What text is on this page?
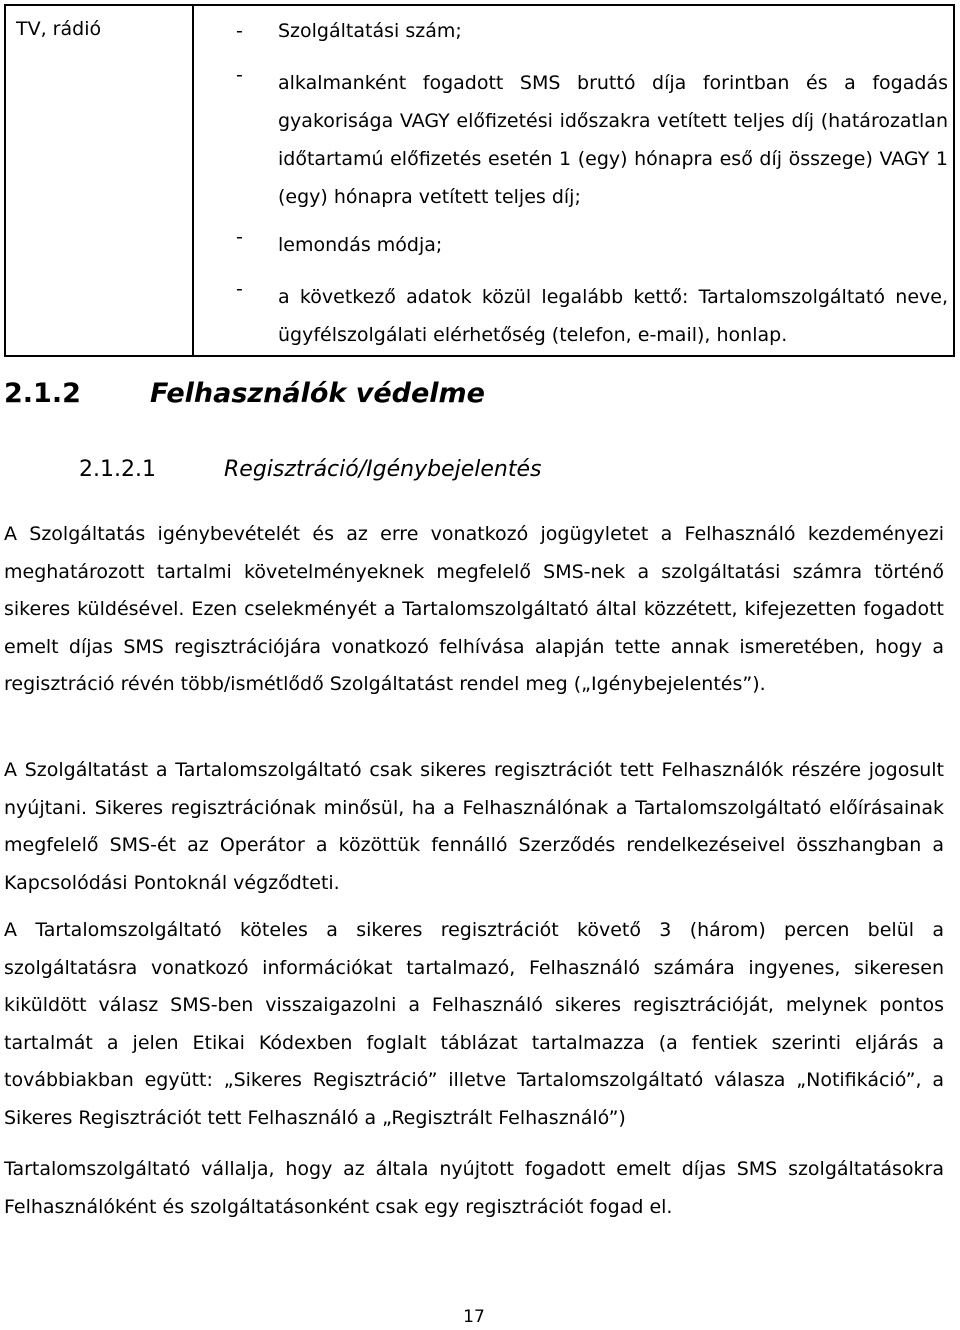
TV, rádió	- Szolgáltatási szám;
- alkalmanként fogadott SMS bruttó díja forintban és a fogadás gyakorisága VAGY előfizetési időszakra vetített teljes díj (határozatlan időtartamú előfizetés esetén 1 (egy) hónapra eső díj összege) VAGY 1 (egy) hónapra vetített teljes díj;
- lemondás módja;
- a következő adatok közül legalább kettő: Tartalomszolgáltató neve, ügyfélszolgálati elérhetőség (telefon, e-mail), honlap.
2.1.2	Felhasználók védelme
2.1.2.1	Regisztráció/Igénybejelentés

A Szolgáltatás igénybevételét és az erre vonatkozó jogügyletet a Felhasználó kezdeményezi meghatározott tartalmi követelményeknek megfelelő SMS-nek a szolgáltatási számra történő sikeres küldésével. Ezen cselekményét a Tartalomszolgáltató által közzétett, kifejezetten fogadott emelt díjas SMS regisztrációjára vonatkozó felhívása alapján tette annak ismeretében, hogy a regisztráció révén több/ismétlődő Szolgáltatást rendel meg („Igénybejelentés”).

A Szolgáltatást a Tartalomszolgáltató csak sikeres regisztrációt tett Felhasználók részére jogosult nyújtani. Sikeres regisztrációnak minősül, ha a Felhasználónak a Tartalomszolgáltató előírásainak megfelelő SMS-ét az Operátor a közöttük fennálló Szerződés rendelkezéseivel összhangban a Kapcsolódási Pontoknál végződteti.

A Tartalomszolgáltató köteles a sikeres regisztrációt követő 3 (három) percen belül a szolgáltatásra vonatkozó információkat tartalmazó, Felhasználó számára ingyenes, sikeresen kiküldött válasz SMS-ben visszaigazolni a Felhasználó sikeres regisztrációját, melynek pontos tartalmát a jelen Etikai Kódexben foglalt táblázat tartalmazza (a fentiek szerinti eljárás a továbbiakban együtt: „Sikeres Regisztráció” illetve Tartalomszolgáltató válasza „Notifikáció”, a Sikeres Regisztrációt tett Felhasználó a „Regisztrált Felhasználó”)

Tartalomszolgáltató vállalja, hogy az általa nyújtott fogadott emelt díjas SMS szolgáltatásokra Felhasználóként és szolgáltatásonként csak egy regisztrációt fogad el.

17
